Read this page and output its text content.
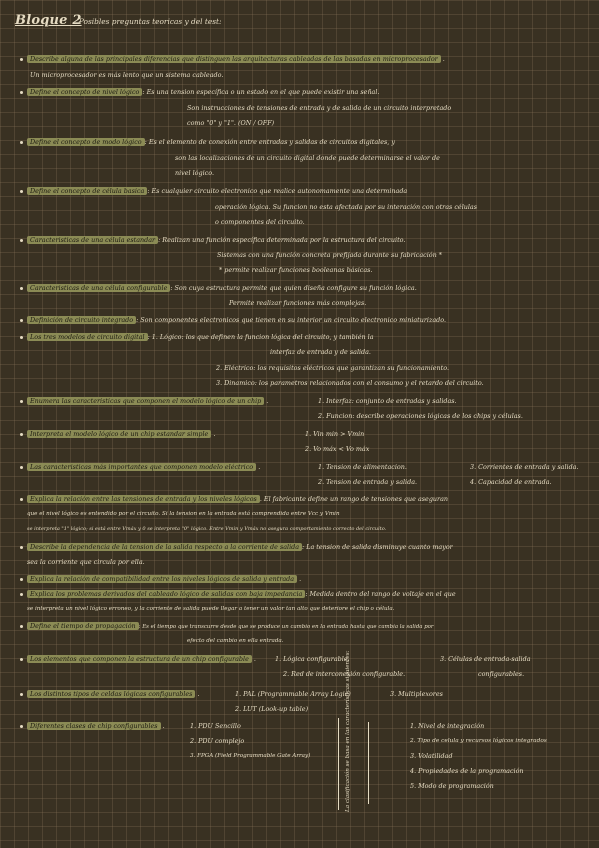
Bloque 2
: Posibles preguntas teoricas y del test:
Describe alguna de las principales diferencias que distinguen las arquitecturas cableadas de las basadas en microprocesador .
Un microprocesador es más lento que un sistema cableado.
Define el concepto de nivel lógico : Es una tension específica o un estado en el que puede existir una señal.
Son instrucciones de tensiones de entrada y de salida de un circuito interpretado
como "0" y "1". (ON / OFF)
Define el concepto de modo lógico : Es el elemento de conexión entre entradas y salidas de circuitos digitales, y
son las localizaciones de un circuito digital donde puede determinarse el valor de
nivel lógico.
Define el concepto de célula basica : Es cualquier circuito electronico que realice autonomamente una determinada
operación lógica. Su funcion no esta afectada por su interación con otras células
o componentes del circuito.
Caracteristicas de una célula estandar : Realizan una función específica determinada por la estructura del circuito.
Sistemas con una función concreta prefijada durante su fabricación *
* permite realizar funciones booleanas básicas.
Caracteristicas de una célula configurable : Son cuya estructura permite que quien diseña configure su función lógica.
Permite realizar funciones más complejas.
Definición de circuito integrado : Son componentes electronicos que tienen en su interior un circuito electronico miniaturizado.
Los tres modelos de circuito digital : 1. Lógico: los que definen la funcion lógica del circuito, y también la
interfaz de entrada y de salida.
2. Eléctrico: los requisitos eléctricos que garantizan su funcionamiento.
3. Dinamico: los parametros relacionados con el consumo y el retardo del circuito.
Enumera las caracteristicas que componen el modelo lógico de un chip .	1. Interfaz: conjunto de entradas y salidas.
2. Funcion: describe operaciones lógicas de los chips y células.
Interpreta el modelo lógico de un chip estandar simple .	1. Vin min > Vmin
2. Vo máx < Vo máx
Las caracteristicas más importantes que componen modelo eléctrico .	1. Tension de alimentacion.
2. Tension de entrada y salida.
3. Corrientes de entrada y salida.
4. Capacidad de entrada.
Explica la relación entre las tensiones de entrada y los niveles lógicos . El fabricante define un rango de tensiones que aseguran
que el nivel lógico es entendido por el circuito. Si la tension en la entrada está comprendida entre Vcc y Vmin
se interpreta "1" lógico; si está entre Vmáx y 0 se interpreta "0" lógico. Entre Vmin y Vmáx no asegura comportamiento correcto del circuito.
Describe la dependencia de la tension de la salida respecto a la corriente de salida : La tension de salida disminuye cuanto mayor
sea la corriente que circula por ella.
Explica la relación de compatibilidad entre los niveles lógicos de salida y entrada .
Explica los problemas derivados del cableado lógico de salidas con baja impedancia : Medida dentro del rango de voltaje en el que
se interpreta un nivel lógico erroneo, y la corriente de salida puede llegar a tener un valor tan alto que deteriore el chip o célula.
Define el tiempo de propagación : Es el tiempo que transcurre desde que se produce un cambio en la entrada hasta que cambia la salida por
efecto del cambio en ella entrada.
Los elementos que componen la estructura de un chip configurable .	1. Lógica configurable.
2. Red de interconexión configurable.
3. Células de entrada-salida
configurables.
Los distintos tipos de celdas lógicas configurables .	1. PAL (Programmable Array Logic)
2. LUT (Look-up table)
3. Multiplexores
Diferentes clases de chip configurables .	1. PDU Sencillo
2. PDU complejo
3. FPGA (Field Programmable Gate Array)	La clasificación se basa en las características siguientes:	1. Nivel de integración
2. Tipo de celula y recursos lógicos integrados
3. Volatilidad
4. Propiedades de la programación
5. Modo de programación
